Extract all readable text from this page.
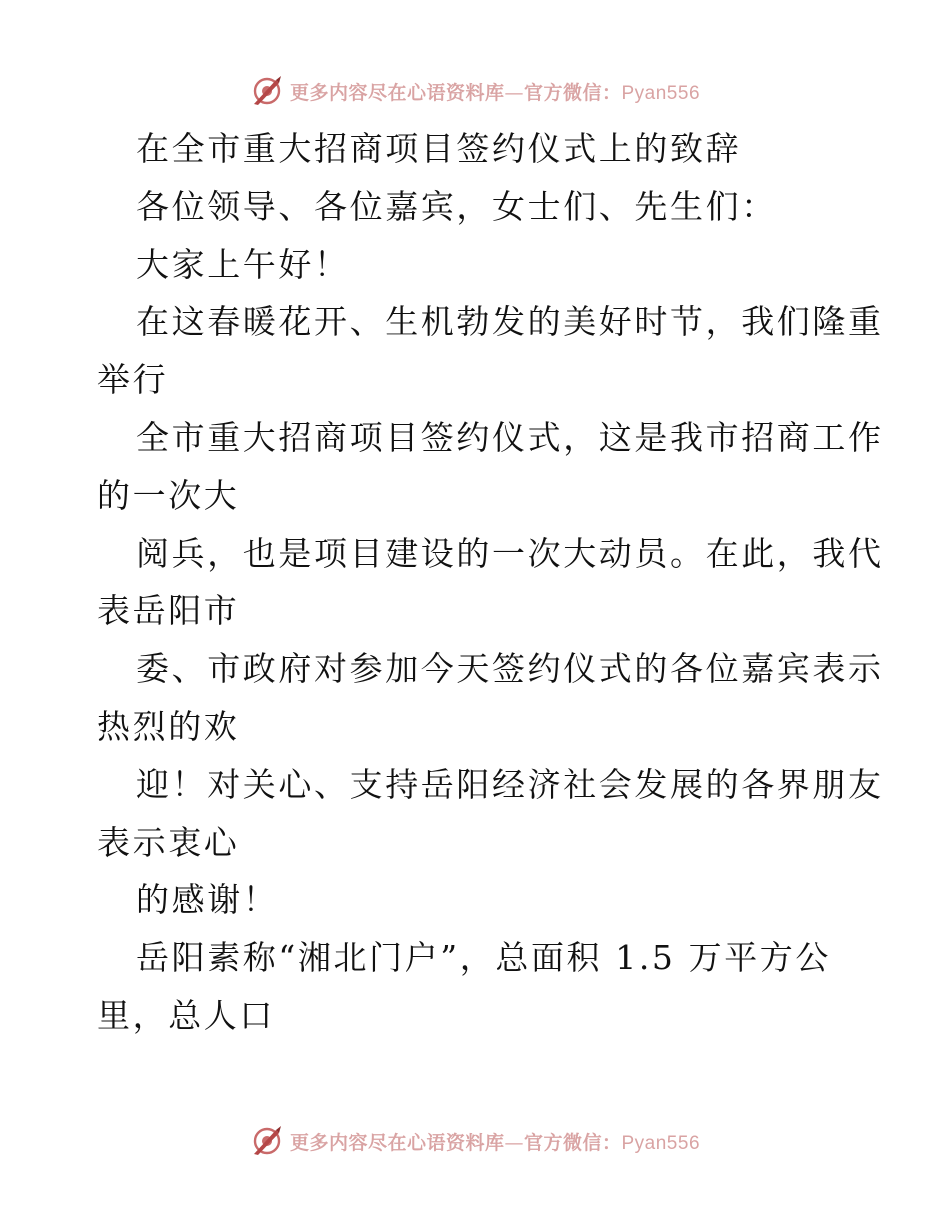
更多内容尽在心语资料库—官方微信：Pyan556
在全市重大招商项目签约仪式上的致辞
各位领导、各位嘉宾，女士们、先生们：
大家上午好！
在这春暖花开、生机勃发的美好时节，我们隆重
举行
全市重大招商项目签约仪式，这是我市招商工作
的一次大
阅兵，也是项目建设的一次大动员。在此，我代
表岳阳市
委、市政府对参加今天签约仪式的各位嘉宾表示
热烈的欢
迎！对关心、支持岳阳经济社会发展的各界朋友
表示衷心
的感谢！
岳阳素称“湘北门户”，总面积 1.5 万平方公
里，总人口
更多内容尽在心语资料库—官方微信：Pyan556
